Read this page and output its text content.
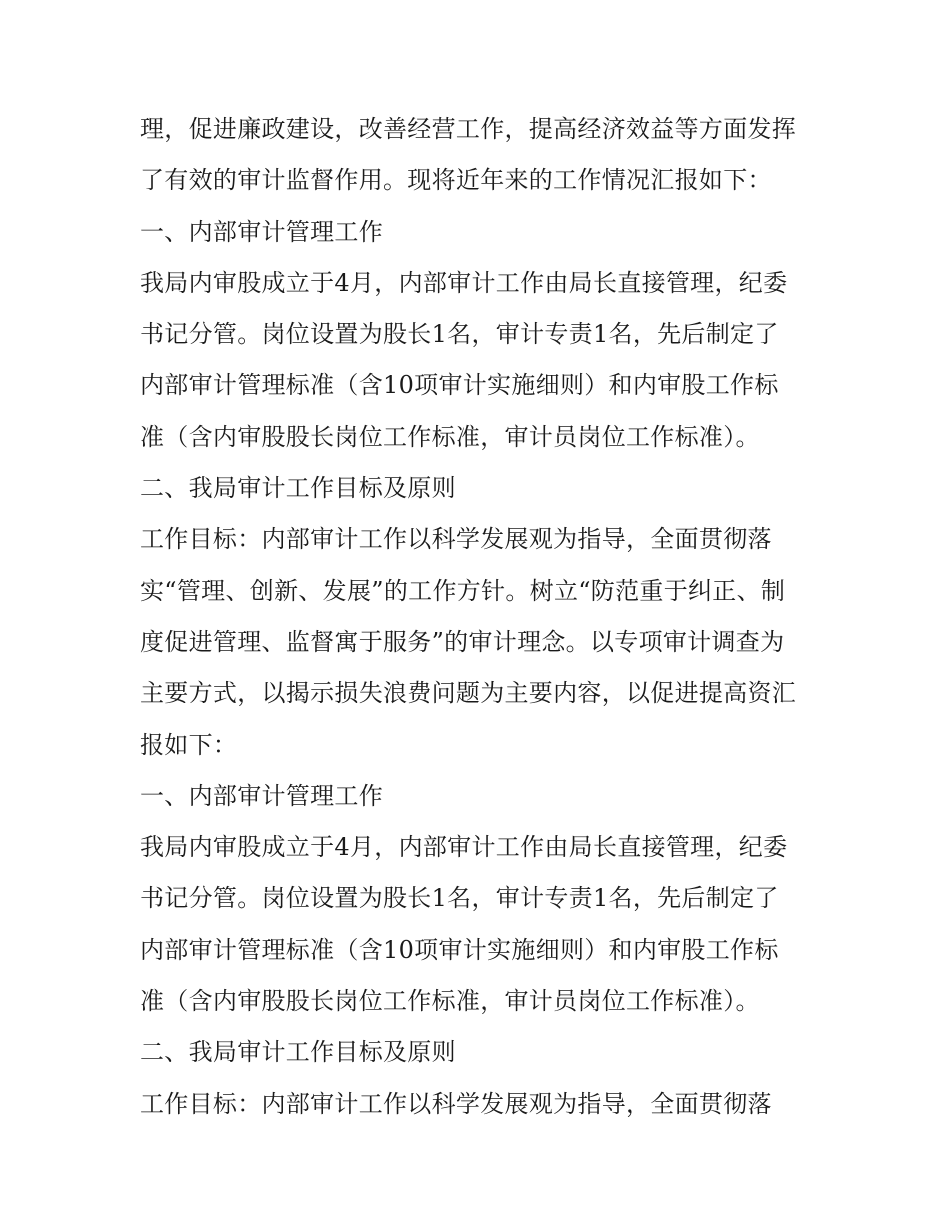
理，促进廉政建设，改善经营工作，提高经济效益等方面发挥
了有效的审计监督作用。现将近年来的工作情况汇报如下：
一、内部审计管理工作
我局内审股成立于4月，内部审计工作由局长直接管理，纪委
书记分管。岗位设置为股长1名，审计专责1名，先后制定了
内部审计管理标准（含10项审计实施细则）和内审股工作标
准（含内审股股长岗位工作标准，审计员岗位工作标准）。
二、我局审计工作目标及原则
工作目标：内部审计工作以科学发展观为指导，全面贯彻落
实“管理、创新、发展”的工作方针。树立“防范重于纠正、制
度促进管理、监督寓于服务”的审计理念。以专项审计调查为
主要方式，以揭示损失浪费问题为主要内容，以促进提高资汇
报如下：
一、内部审计管理工作
我局内审股成立于4月，内部审计工作由局长直接管理，纪委
书记分管。岗位设置为股长1名，审计专责1名，先后制定了
内部审计管理标准（含10项审计实施细则）和内审股工作标
准（含内审股股长岗位工作标准，审计员岗位工作标准）。
二、我局审计工作目标及原则
工作目标：内部审计工作以科学发展观为指导，全面贯彻落
